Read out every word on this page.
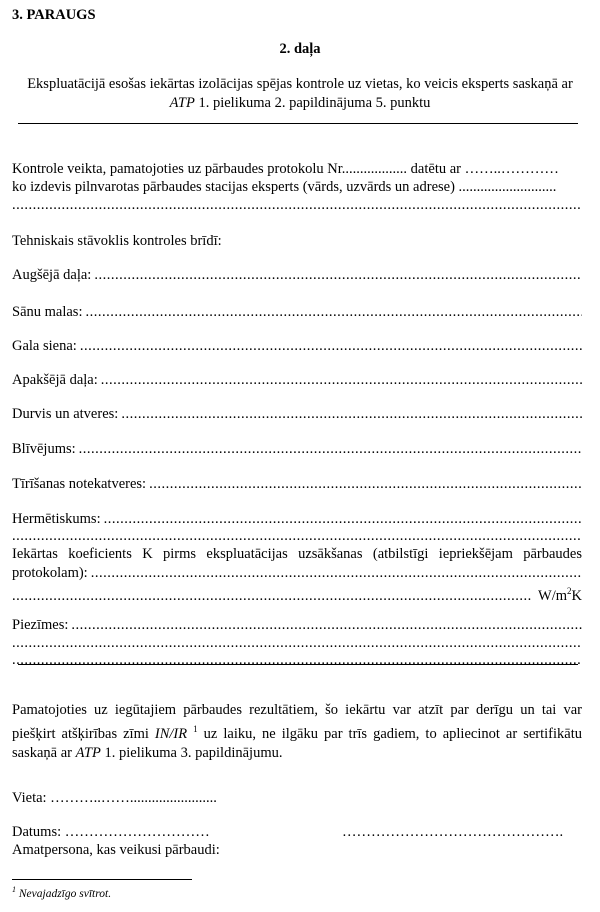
3. PARAUGS
2. daļa
Ekspluatācijā esošas iekārtas izolācijas spējas kontrole uz vietas, ko veicis eksperts saskaņā ar
ATP 1. pielikuma 2. papildinājuma 5. punktu
Kontrole veikta, pamatojoties uz pārbaudes protokolu Nr.................. datētu ar ……..…………
ko izdevis pilnvarotas pārbaudes stacijas eksperts (vārds, uzvārds un adrese) ...........................
.....
Tehniskais stāvoklis kontroles brīdī:
Augšējā daļa:
.....
Sānu malas:
.....
Gala siena:
.....
Apakšējā daļa:
.....
Durvis un atveres:
.....
Blīvējums:
.....
Tīrīšanas notekatveres:
.....
Hermētiskums:
.....
.....
Iekārtas koeficients K pirms ekspluatācijas uzsākšanas (atbilstīgi iepriekšējam pārbaudes
protokolam):
.....
.....
$W/m^2K$
Piezīmes:
.....
.....
.....
Pamatojoties uz iegūtajiem pārbaudes rezultātiem, šo iekārtu var atzīt par derīgu un tai var
piešķirt atšķirības zīmi IN/IR $^1$ uz laiku, ne ilgāku par trīs gadiem, to apliecinot ar sertifikātu
saskaņā ar ATP 1. pielikuma 3. papildinājumu.
Vieta: ………..……........................
Datums: …………………………	……………………………………….
Amatpersona, kas veikusi pārbaudi:
$^1$ Nevajadzīgo svītrot.
